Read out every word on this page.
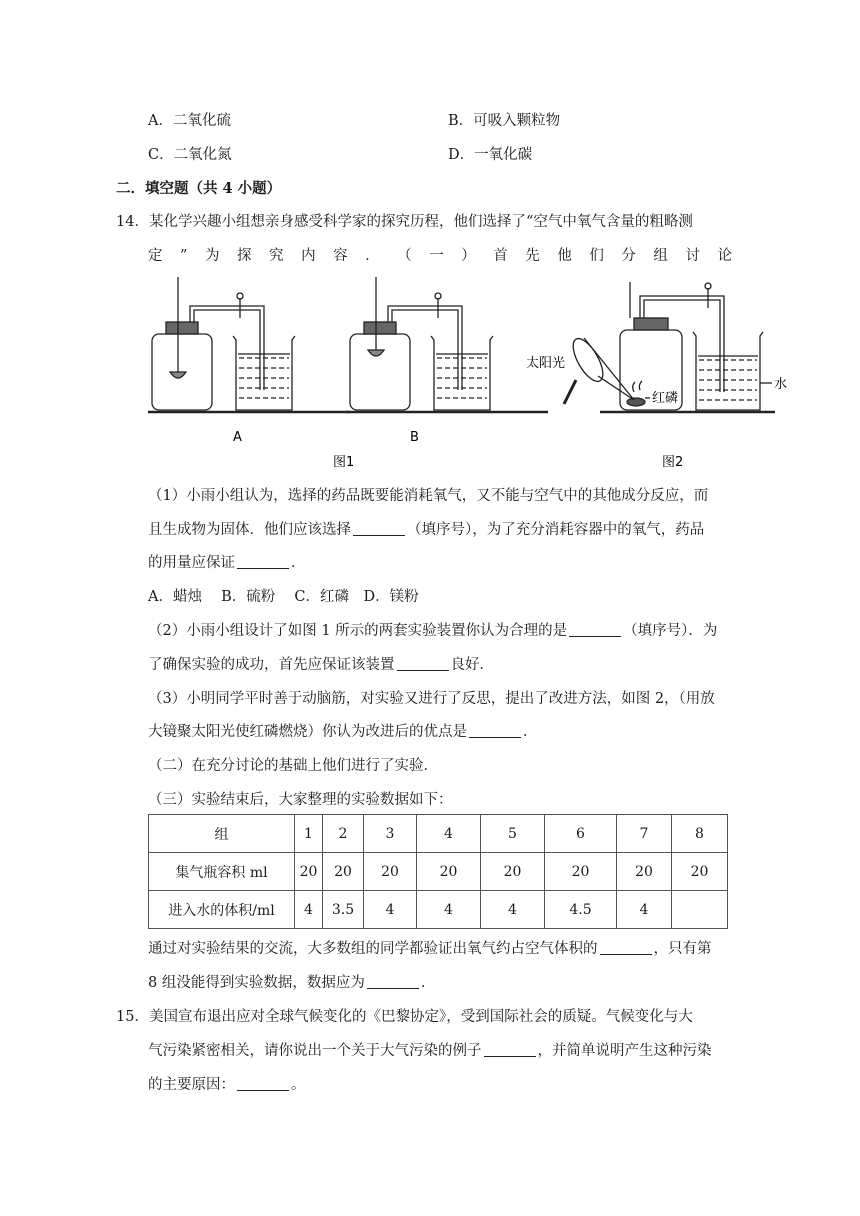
A．二氧化硫	B．可吸入颗粒物
C．二氧化氮	D．一氧化碳
二．填空题（共 4 小题）
14．某化学兴趣小组想亲身感受科学家的探究历程，他们选择了“空气中氧气含量的粗略测
定 ” 为 探 究 内 容 ． （ 一 ） 首 先 他 们 分 组 讨 论
A	B
图1	图2
太阳光
红磷
水
（1）小雨小组认为，选择的药品既要能消耗氧气，又不能与空气中的其他成分反应，而
且生成物为固体．他们应该选择	（填序号），为了充分消耗容器中的氧气，药品
的用量应保证	．
A．蜡烛　 B．硫粉　 C．红磷　D．镁粉
（2）小雨小组设计了如图 1 所示的两套实验装置你认为合理的是	（填序号）．为
了确保实验的成功，首先应保证该装置	良好．
（3）小明同学平时善于动脑筋，对实验又进行了反思，提出了改进方法，如图 2，（用放
大镜聚太阳光使红磷燃烧）你认为改进后的优点是	．
（二）在充分讨论的基础上他们进行了实验．
（三）实验结束后，大家整理的实验数据如下：
组	1	2	3	4	5	6	7	8
集气瓶容积 ml	20	20	20	20	20	20	20	20
进入水的体积/ml	4	3.5	4	4	4	4.5	4	
通过对实验结果的交流，大多数组的同学都验证出氧气约占空气体积的	，只有第
8 组没能得到实验数据，数据应为	．
15．美国宣布退出应对全球气候变化的《巴黎协定》，受到国际社会的质疑。气候变化与大
气污染紧密相关，请你说出一个关于大气污染的例子	，并简单说明产生这种污染
的主要原因：	。
